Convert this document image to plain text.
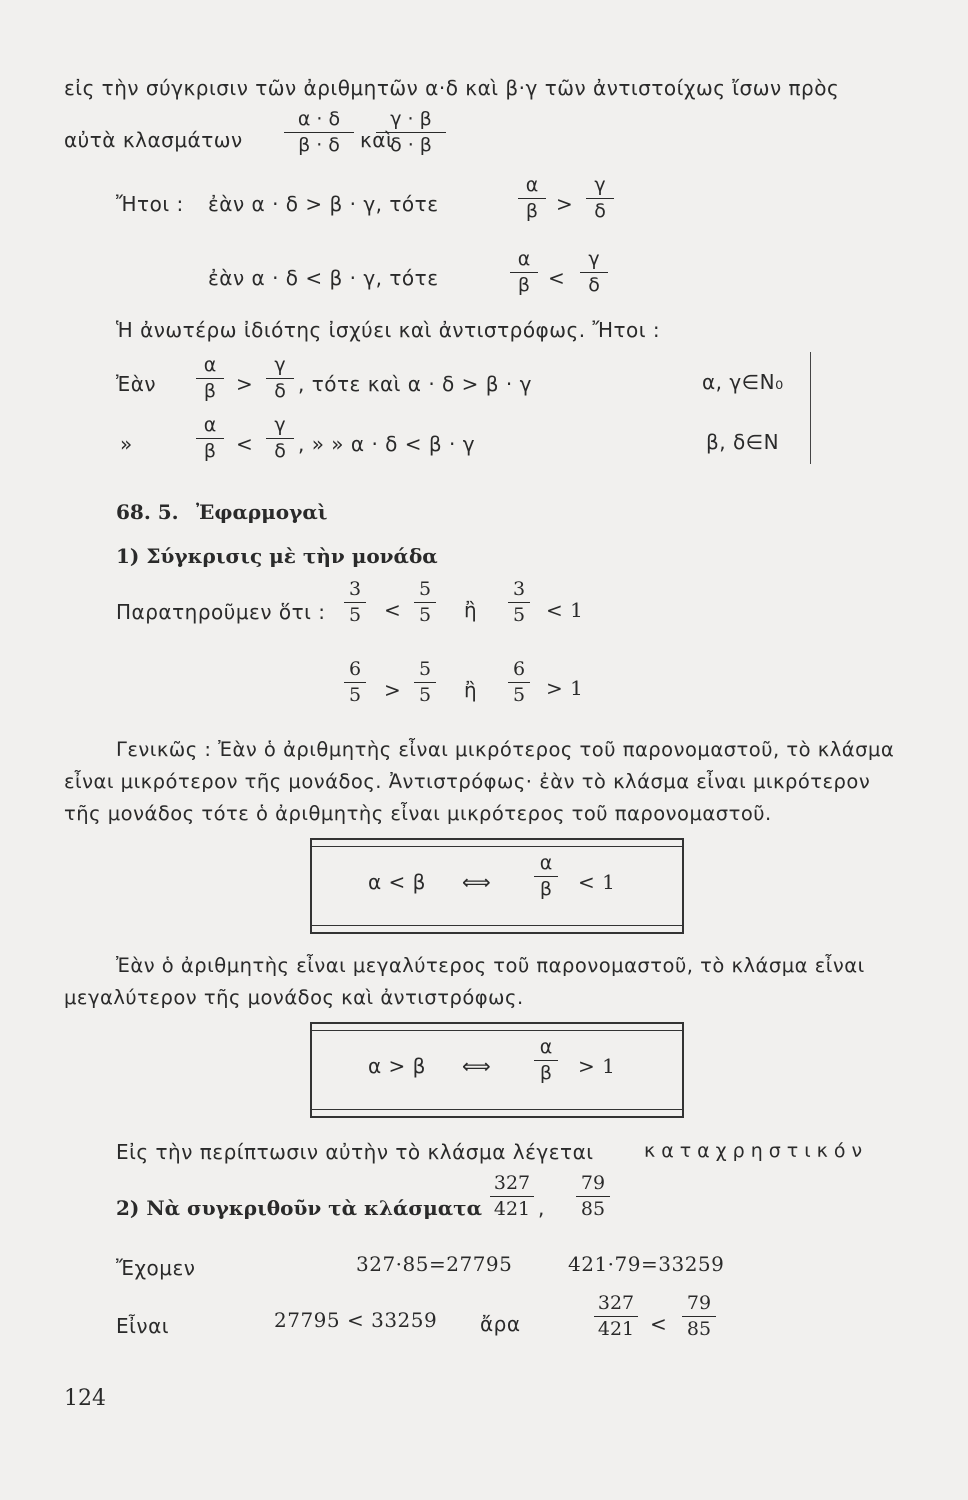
εἰς τὴν σύγκρισιν τῶν ἀριθμητῶν α·δ καὶ β·γ τῶν ἀντιστοίχως ἴσων πρὸς
αὐτὰ κλασμάτων
α · δ
β · δ	καὶ
γ · β
δ · β
Ἤτοι : ἐὰν α · δ > β · γ, τότε
α
β >
γ
δ
ἐὰν α · δ < β · γ, τότε
α
β <
γ
δ
Ἡ ἀνωτέρω ἰδιότης ἰσχύει καὶ ἀντιστρόφως. Ἤτοι :
Ἐὰν
α
β >
γ
δ , τότε καὶ α · δ > β · γ	α, γ∈N₀
»
α
β <
γ
δ , » » α · δ < β · γ	β, δ∈N
68. 5. Ἐφαρμογαὶ
1) Σύγκρισις μὲ τὴν μονάδα
Παρατηροῦμεν ὅτι :
3
5 <
5
5 ἢ
3
5 < 1
6
5 >
5
5 ἢ
6
5 > 1
Γενικῶς : Ἐὰν ὁ ἀριθμητὴς εἶναι μικρότερος τοῦ παρονομαστοῦ, τὸ κλάσμα
εἶναι μικρότερον τῆς μονάδος. Ἀντιστρόφως· ἐὰν τὸ κλάσμα εἶναι μικρότερον
τῆς μονάδος τότε ὁ ἀριθμητὴς εἶναι μικρότερος τοῦ παρονομαστοῦ.
α < β ⟺
α
β < 1
Ἐὰν ὁ ἀριθμητὴς εἶναι μεγαλύτερος τοῦ παρονομαστοῦ, τὸ κλάσμα εἶναι
μεγαλύτερον τῆς μονάδος καὶ ἀντιστρόφως.
α > β ⟺
α
β > 1
Εἰς τὴν περίπτωσιν αὐτὴν τὸ κλάσμα λέγεται	καταχρηστικόν
2) Νὰ συγκριθοῦν τὰ κλάσματα
327
421 ,
79
85
Ἔχομεν	327·85=27795	421·79=33259
Εἶναι	27795 < 33259 ἄρα
327
421 <
79
85
124
